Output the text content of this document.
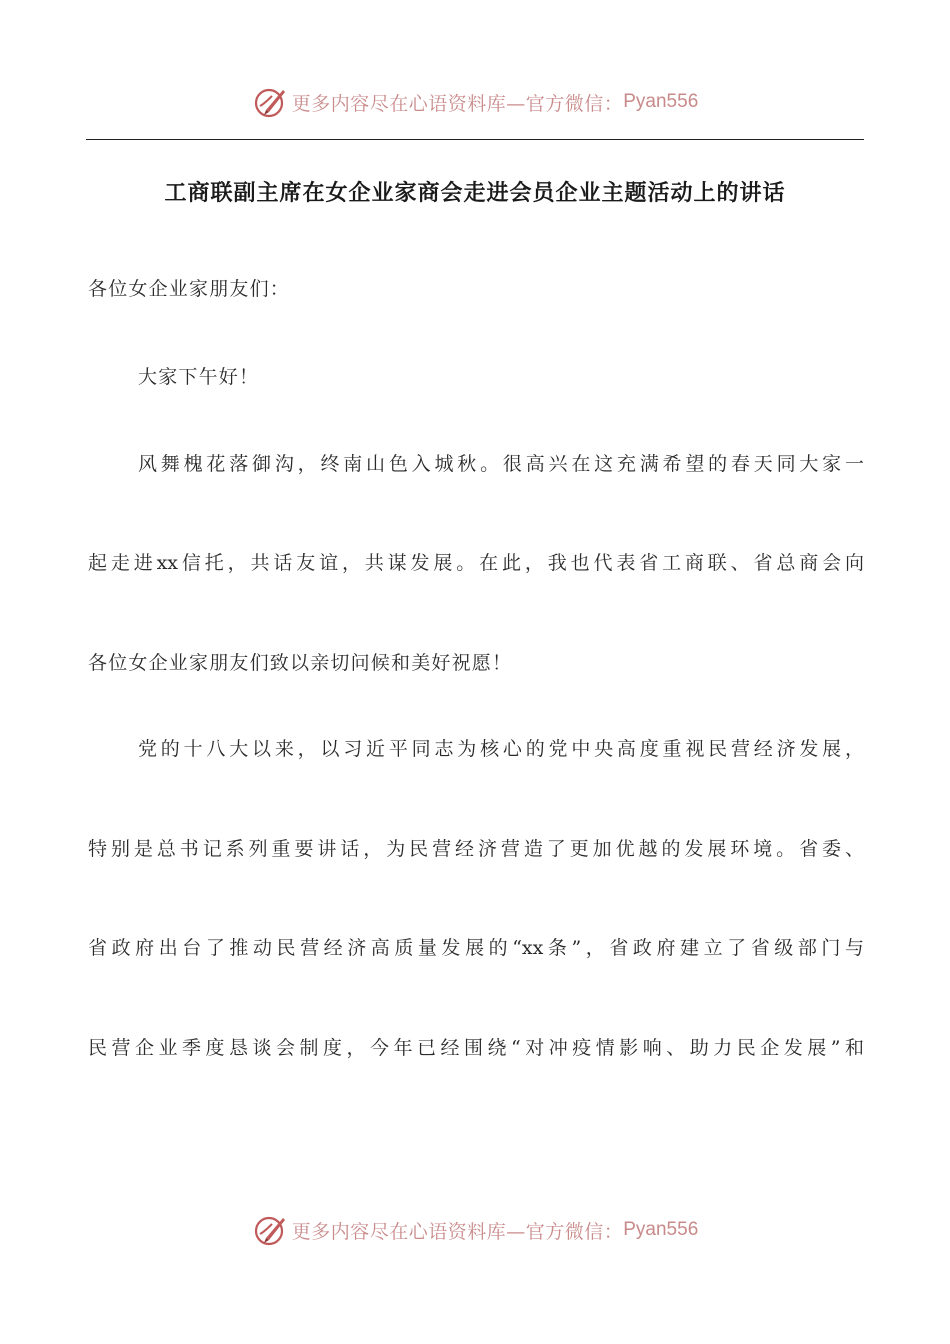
更多内容尽在心语资料库—官方微信： Pyan556
工商联副主席在女企业家商会走进会员企业主题活动上的讲话
各位女企业家朋友们：
大家下午好！
风舞槐花落御沟，终南山色入城秋。很高兴在这充满希望的春天同大家一
起走进xx信托，共话友谊，共谋发展。在此，我也代表省工商联、省总商会向
各位女企业家朋友们致以亲切问候和美好祝愿！
党的十八大以来，以习近平同志为核心的党中央高度重视民营经济发展，
特别是总书记系列重要讲话，为民营经济营造了更加优越的发展环境。省委、
省政府出台了推动民营经济高质量发展的“xx条”，省政府建立了省级部门与
民营企业季度恳谈会制度，今年已经围绕“对冲疫情影响、助力民企发展”和
更多内容尽在心语资料库—官方微信： Pyan556
